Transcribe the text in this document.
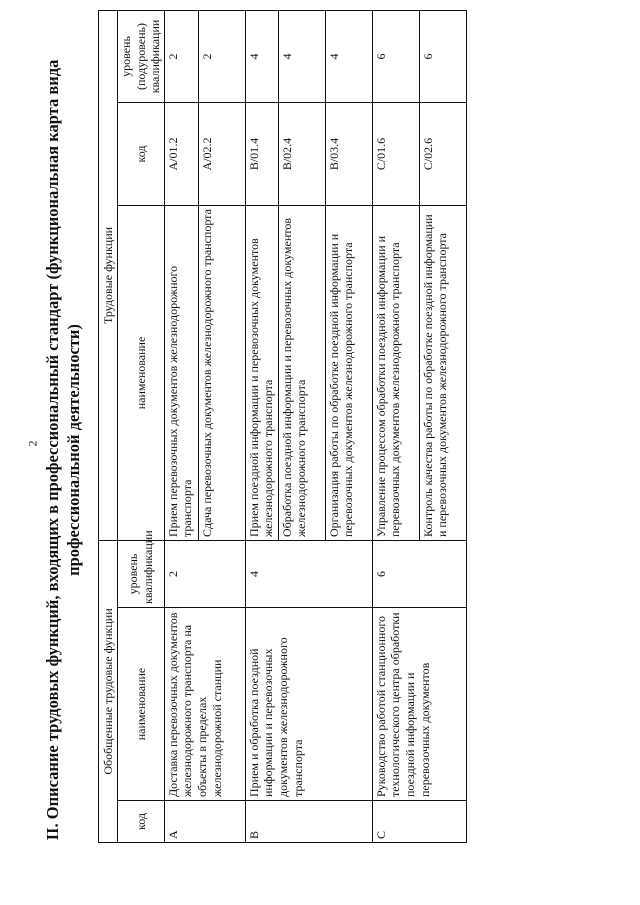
2 II. Описание трудовых функций, входящих в профессиональный стандарт (функциональная карта вида профессиональной деятельности)
Обобщенные трудовые функции			Трудовые функции		
код	наименование	уровень квалификации	наименование	код	уровень (подуровень) квалификации
A	Доставка перевозочных документов железнодорожного транспорта на объекты в пределах железнодорожной станции	2	Прием перевозочных документов железнодорожного транспорта	A/01.2	2
			Сдача перевозочных документов железнодорожного транспорта	A/02.2	2
B	Прием и обработка поездной информации и перевозочных документов железнодорожного транспорта	4	Прием поездной информации и перевозочных документов железнодорожного транспорта	B/01.4	4
			Обработка поездной информации и перевозочных документов железнодорожного транспорта	B/02.4	4
			Организация работы по обработке поездной информации и перевозочных документов железнодорожного транспорта	B/03.4	4
C	Руководство работой станционного технологического центра обработки поездной информации и перевозочных документов	6	Управление процессом обработки поездной информации и перевозочных документов железнодорожного транспорта	C/01.6	6
			Контроль качества работы по обработке поездной информации и перевозочных документов железнодорожного транспорта	C/02.6	6
